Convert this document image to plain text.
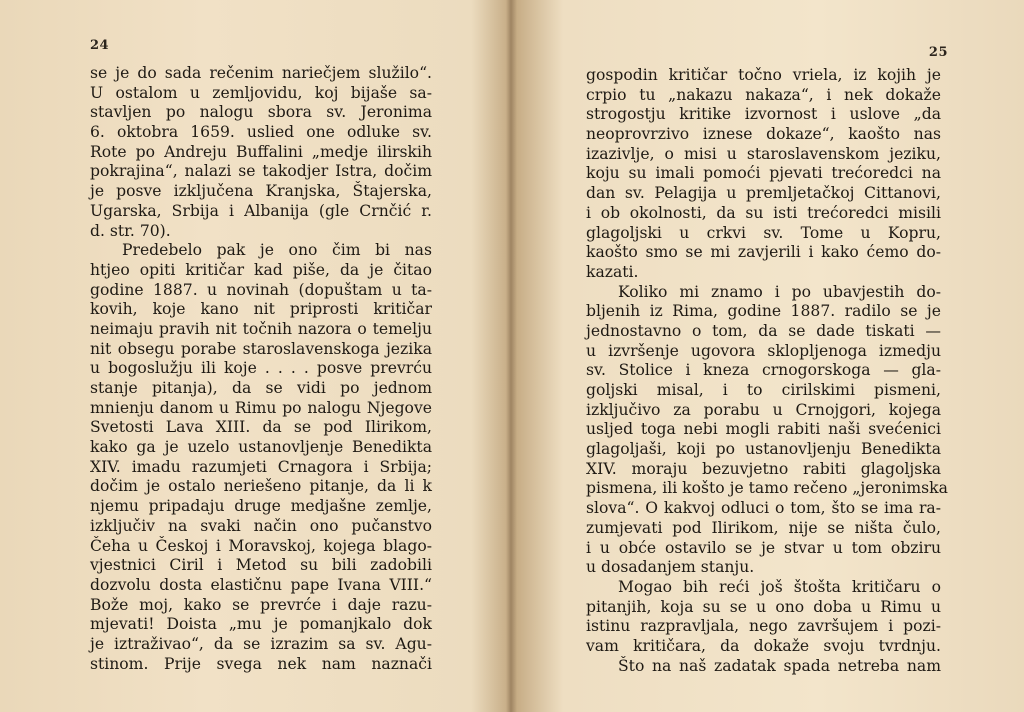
24
se je do sada rečenim nariečjem služilo“.
U ostalom u zemljovidu, koj bijaše sa-
stavljen po nalogu sbora sv. Jeronima
6. oktobra 1659. uslied one odluke sv.
Rote po Andreju Buffalini „medje ilirskih
pokrajina“, nalazi se takodjer Istra, dočim
je posve izključena Kranjska, Štajerska,
Ugarska, Srbija i Albanija (gle Crnčić r.
d. str. 70).
Predebelo pak je ono čim bi nas
htjeo opiti kritičar kad piše, da je čitao
godine 1887. u novinah (dopuštam u ta-
kovih, koje kano nit priprosti kritičar
neimaju pravih nit točnih nazora o temelju
nit obsegu porabe staroslavenskoga jezika
u bogoslužju ili koje . . . . posve prevrću
stanje pitanja), da se vidi po jednom
mnienju danom u Rimu po nalogu Njegove
Svetosti Lava XIII. da se pod Ilirikom,
kako ga je uzelo ustanovljenje Benedikta
XIV. imadu razumjeti Crnagora i Srbija;
dočim je ostalo neriešeno pitanje, da li k
njemu pripadaju druge medjašne zemlje,
izključiv na svaki način ono pučanstvo
Čeha u Českoj i Moravskoj, kojega blago-
vjestnici Ciril i Metod su bili zadobili
dozvolu dosta elastičnu pape Ivana VIII.“
Bože moj, kako se prevrće i daje razu-
mjevati! Doista „mu je pomanjkalo dok
je iztraživao“, da se izrazim sa sv. Agu-
stinom. Prije svega nek nam naznači
25
gospodin kritičar točno vriela, iz kojih je
crpio tu „nakazu nakaza“, i nek dokaže
strogostju kritike izvornost i uslove „da
neoprovrzivo iznese dokaze“, kaošto nas
izazivlje, o misi u staroslavenskom jeziku,
koju su imali pomoći pjevati trećoredci na
dan sv. Pelagija u premljetačkoj Cittanovi,
i ob okolnosti, da su isti trećoredci misili
glagoljski u crkvi sv. Tome u Kopru,
kaošto smo se mi zavjerili i kako ćemo do-
kazati.
Koliko mi znamo i po ubavjestih do-
bljenih iz Rima, godine 1887. radilo se je
jednostavno o tom, da se dade tiskati —
u izvršenje ugovora sklopljenoga izmedju
sv. Stolice i kneza crnogorskoga — gla-
goljski misal, i to cirilskimi pismeni,
izključivo za porabu u Crnojgori, kojega
usljed toga nebi mogli rabiti naši svećenici
glagoljaši, koji po ustanovljenju Benedikta
XIV. moraju bezuvjetno rabiti glagoljska
pismena, ili košto je tamo rečeno „jeronimska
slova“. O kakvoj odluci o tom, što se ima ra-
zumjevati pod Ilirikom, nije se ništa čulo,
i u obće ostavilo se je stvar u tom obziru
u dosadanjem stanju.
Mogao bih reći još štošta kritičaru o
pitanjih, koja su se u ono doba u Rimu u
istinu razpravljala, nego završujem i pozi-
vam kritičara, da dokaže svoju tvrdnju.
Što na naš zadatak spada netreba nam
